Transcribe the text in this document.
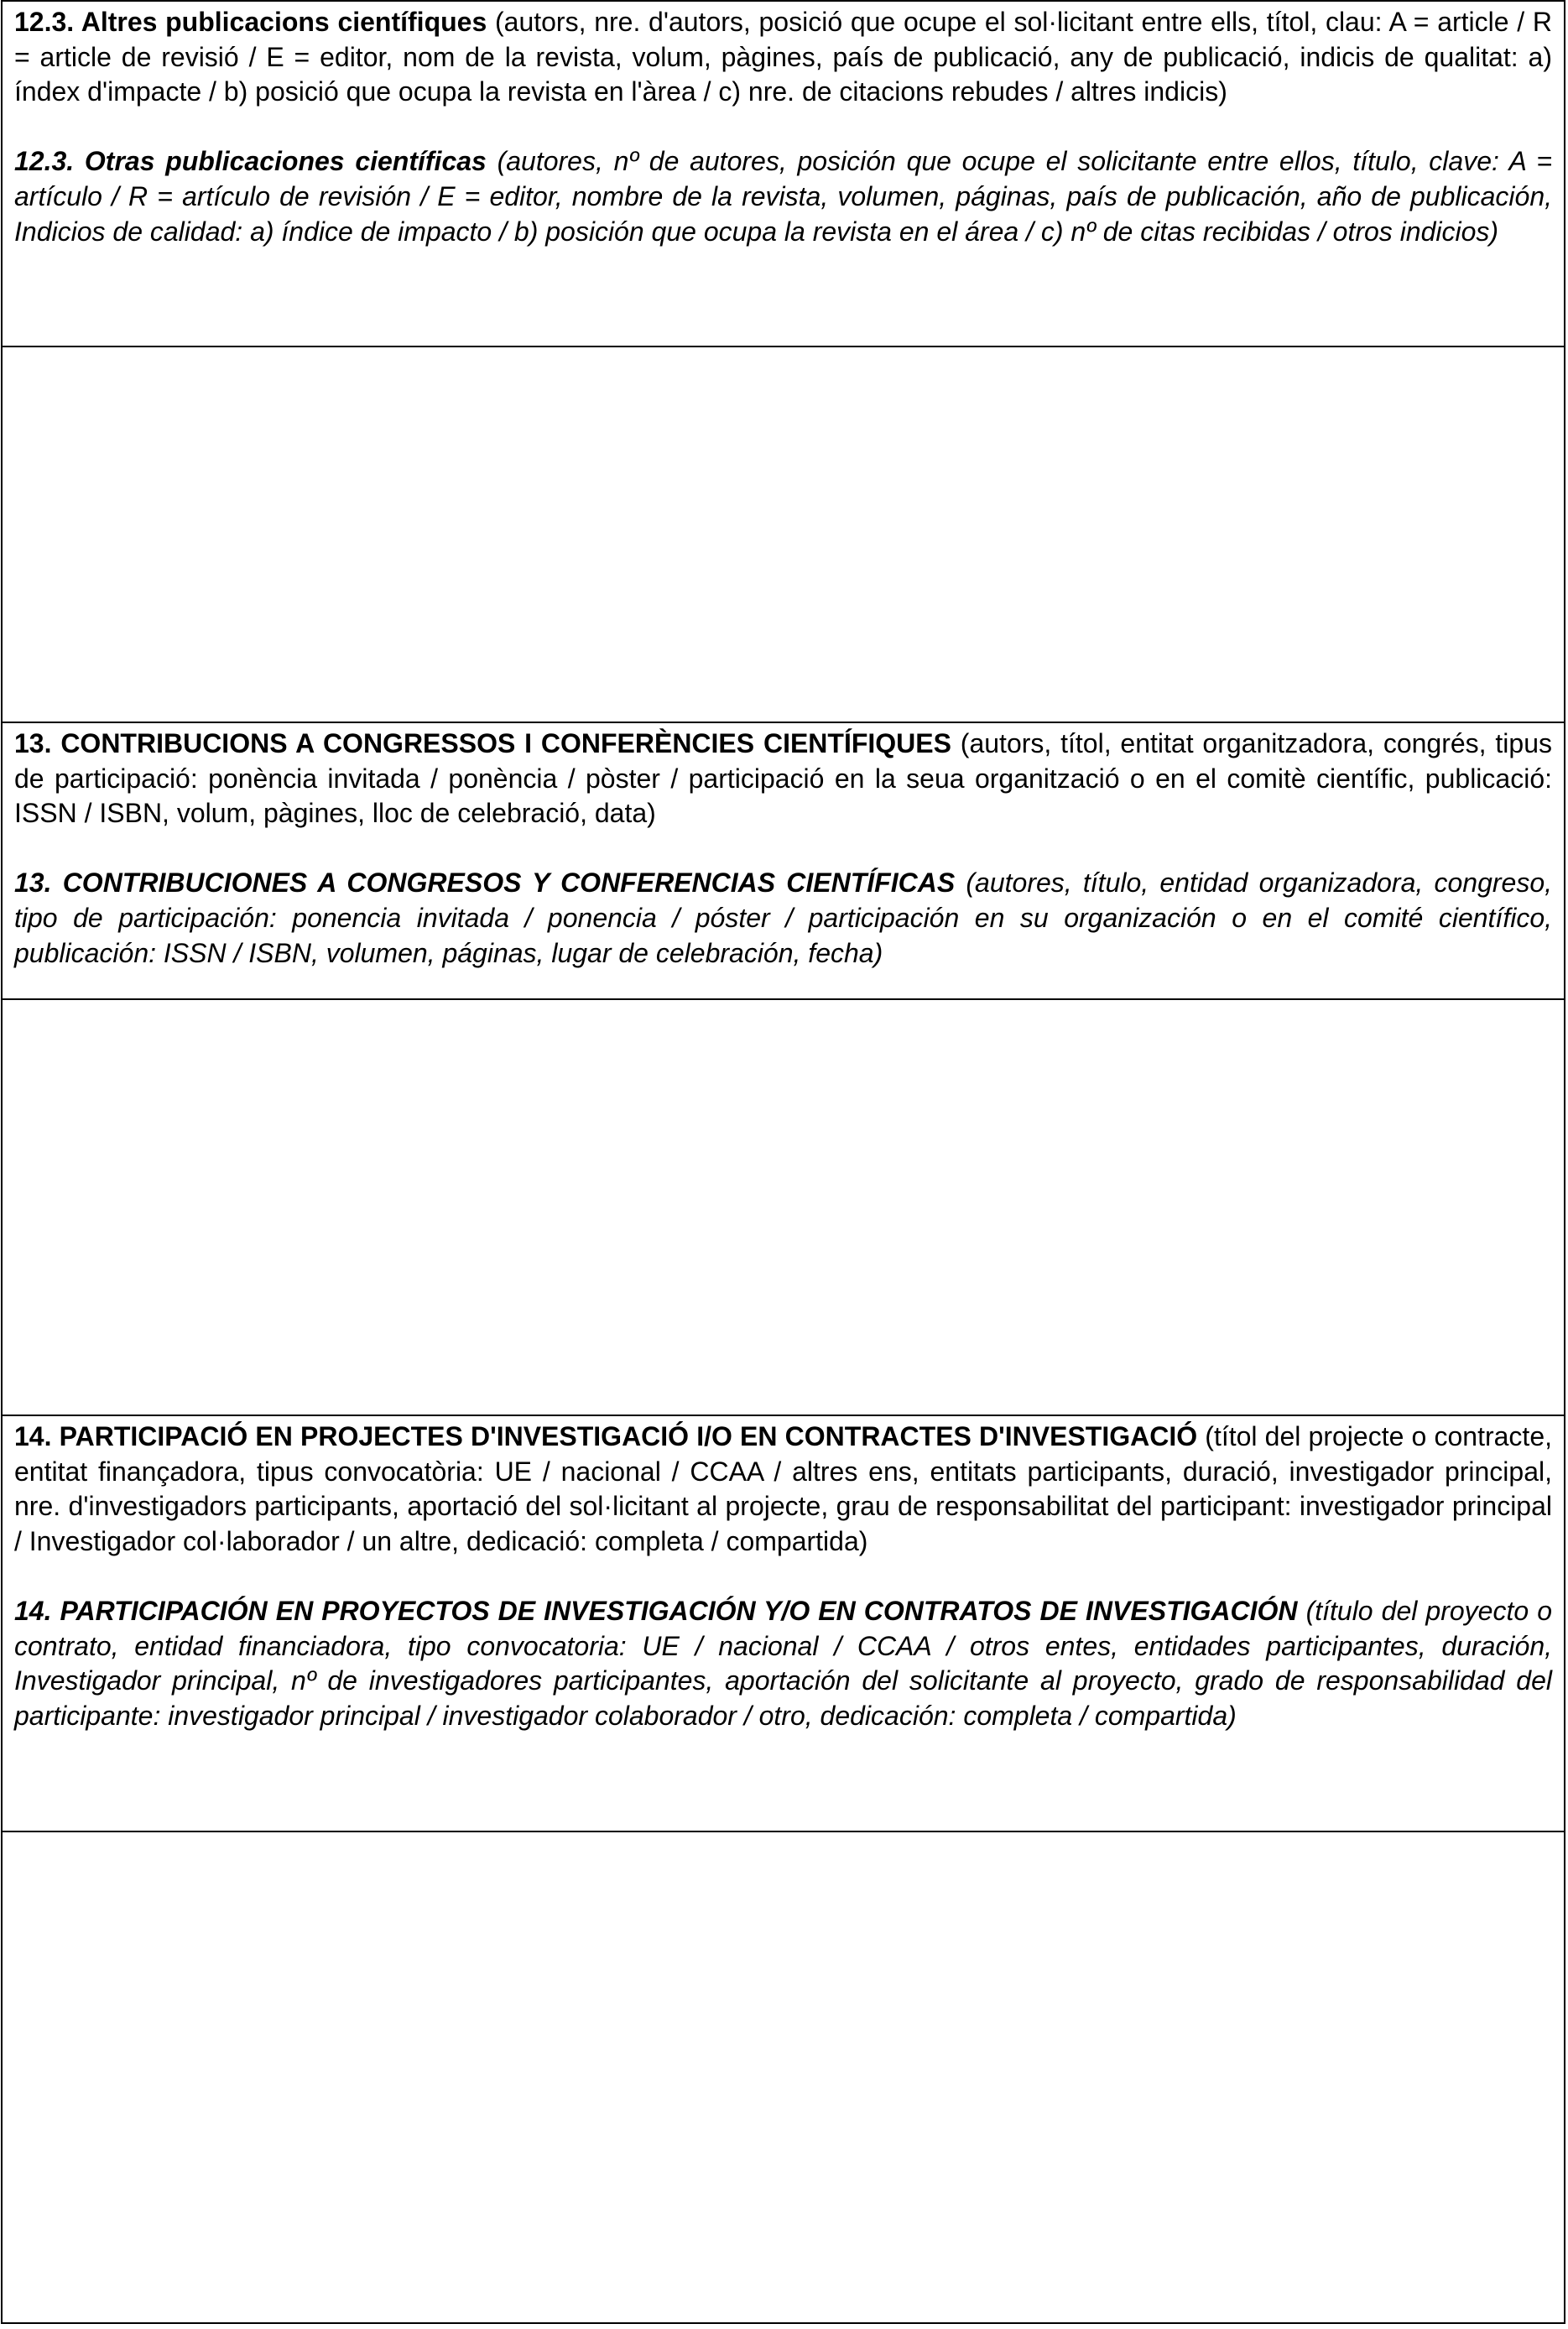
12.3. Altres publicacions científiques (autors, nre. d'autors, posició que ocupe el sol·licitant entre ells, títol, clau: A = article / R = article de revisió / E = editor, nom de la revista, volum, pàgines, país de publicació, any de publicació, indicis de qualitat: a) índex d'impacte / b) posició que ocupa la revista en l'àrea / c) nre. de citacions rebudes / altres indicis)

12.3. Otras publicaciones científicas (autores, nº de autores, posición que ocupe el solicitante entre ellos, título, clave: A = artículo / R = artículo de revisión / E = editor, nombre de la revista, volumen, páginas, país de publicación, año de publicación, Indicios de calidad: a) índice de impacto / b) posición que ocupa la revista en el área / c) nº de citas recibidas / otros indicios)

13. CONTRIBUCIONS A CONGRESSOS I CONFERÈNCIES CIENTÍFIQUES (autors, títol, entitat organitzadora, congrés, tipus de participació: ponència invitada / ponència / pòster / participació en la seua organització o en el comitè científic, publicació: ISSN / ISBN, volum, pàgines, lloc de celebració, data)

13. CONTRIBUCIONES A CONGRESOS Y CONFERENCIAS CIENTÍFICAS (autores, título, entidad organizadora, congreso, tipo de participación: ponencia invitada / ponencia / póster / participación en su organización o en el comité científico, publicación: ISSN / ISBN, volumen, páginas, lugar de celebración, fecha)

14. PARTICIPACIÓ EN PROJECTES D'INVESTIGACIÓ I/O EN CONTRACTES D'INVESTIGACIÓ (títol del projecte o contracte, entitat finançadora, tipus convocatòria: UE / nacional / CCAA / altres ens, entitats participants, duració, investigador principal, nre. d'investigadors participants, aportació del sol·licitant al projecte, grau de responsabilitat del participant: investigador principal / Investigador col·laborador / un altre, dedicació: completa / compartida)

14. PARTICIPACIÓN EN PROYECTOS DE INVESTIGACIÓN Y/O EN CONTRATOS DE INVESTIGACIÓN (título del proyecto o contrato, entidad financiadora, tipo convocatoria: UE / nacional / CCAA / otros entes, entidades participantes, duración, Investigador principal, nº de investigadores participantes, aportación del solicitante al proyecto, grado de responsabilidad del participante: investigador principal / investigador colaborador / otro, dedicación: completa / compartida)
